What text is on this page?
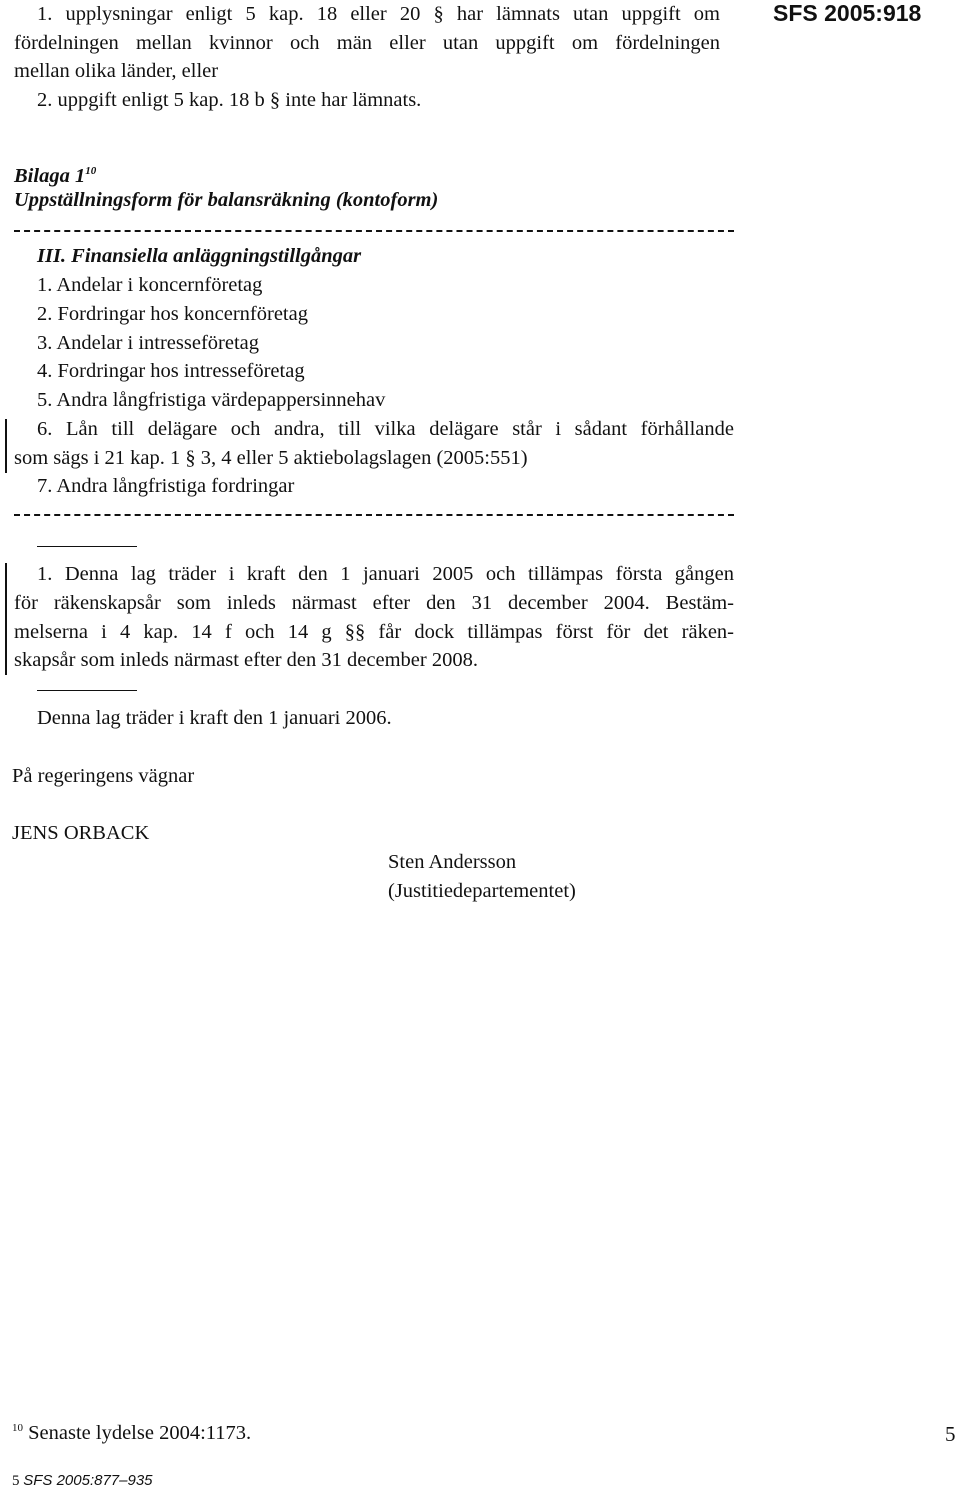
1. upplysningar enligt 5 kap. 18 eller 20 § har lämnats utan uppgift om
fördelningen mellan kvinnor och män eller utan uppgift om fördelningen
mellan olika länder, eller
2. uppgift enligt 5 kap. 18 b § inte har lämnats.
SFS 2005:918
Bilaga $1^{10}$
Uppställningsform för balansräkning (kontoform)
III. Finansiella anläggningstillgångar
1. Andelar i koncernföretag
2. Fordringar hos koncernföretag
3. Andelar i intresseföretag
4. Fordringar hos intresseföretag
5. Andra långfristiga värdepappersinnehav
6. Lån till delägare och andra, till vilka delägare står i sådant förhållande
som sägs i 21 kap. 1 § 3, 4 eller 5 aktiebolagslagen (2005:551)
7. Andra långfristiga fordringar
1. Denna lag träder i kraft den 1 januari 2005 och tillämpas första gången
för räkenskapsår som inleds närmast efter den 31 december 2004. Bestäm-
melserna i 4 kap. 14 f och 14 g §§ får dock tillämpas först för det räken-
skapsår som inleds närmast efter den 31 december 2008.
Denna lag träder i kraft den 1 januari 2006.
På regeringens vägnar
JENS ORBACK
Sten Andersson
(Justitiedepartementet)
$^{10}$ Senaste lydelse 2004:1173.	5
5 SFS 2005:877–935
